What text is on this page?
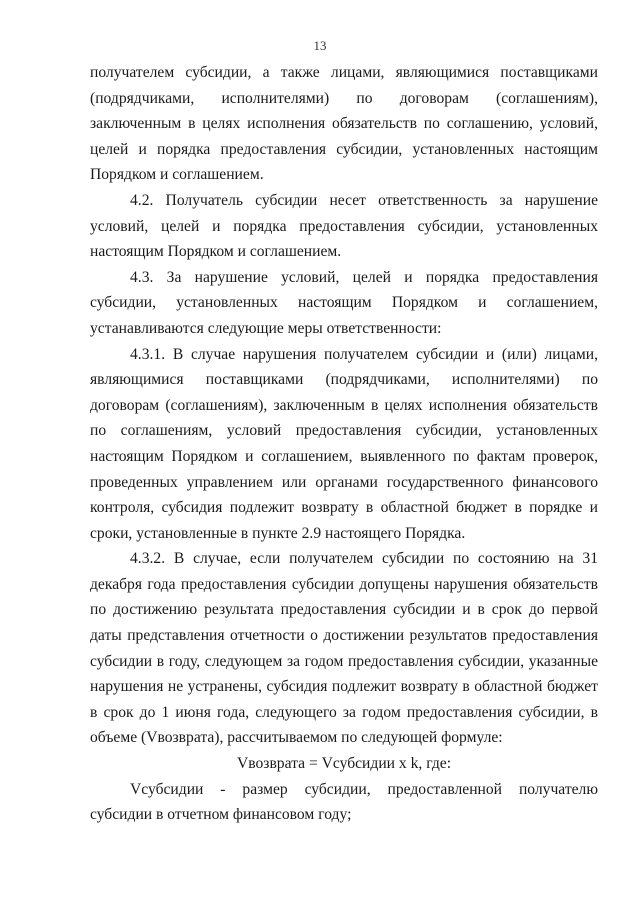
13

получателем субсидии, а также лицами, являющимися поставщиками (подрядчиками, исполнителями) по договорам (соглашениям), заключенным в целях исполнения обязательств по соглашению, условий, целей и порядка предоставления субсидии, установленных настоящим Порядком и соглашением.

4.2. Получатель субсидии несет ответственность за нарушение условий, целей и порядка предоставления субсидии, установленных настоящим Порядком и соглашением.

4.3. За нарушение условий, целей и порядка предоставления субсидии, установленных настоящим Порядком и соглашением, устанавливаются следующие меры ответственности:

4.3.1. В случае нарушения получателем субсидии и (или) лицами, являющимися поставщиками (подрядчиками, исполнителями) по договорам (соглашениям), заключенным в целях исполнения обязательств по соглашениям, условий предоставления субсидии, установленных настоящим Порядком и соглашением, выявленного по фактам проверок, проведенных управлением или органами государственного финансового контроля, субсидия подлежит возврату в областной бюджет в порядке и сроки, установленные в пункте 2.9 настоящего Порядка.

4.3.2. В случае, если получателем субсидии по состоянию на 31 декабря года предоставления субсидии допущены нарушения обязательств по достижению результата предоставления субсидии и в срок до первой даты представления отчетности о достижении результатов предоставления субсидии в году, следующем за годом предоставления субсидии, указанные нарушения не устранены, субсидия подлежит возврату в областной бюджет в срок до 1 июня года, следующего за годом предоставления субсидии, в объеме (Vвозврата), рассчитываемом по следующей формуле:

Vвозврата = Vсубсидии x k, где:

Vсубсидии - размер субсидии, предоставленной получателю субсидии в отчетном финансовом году;
